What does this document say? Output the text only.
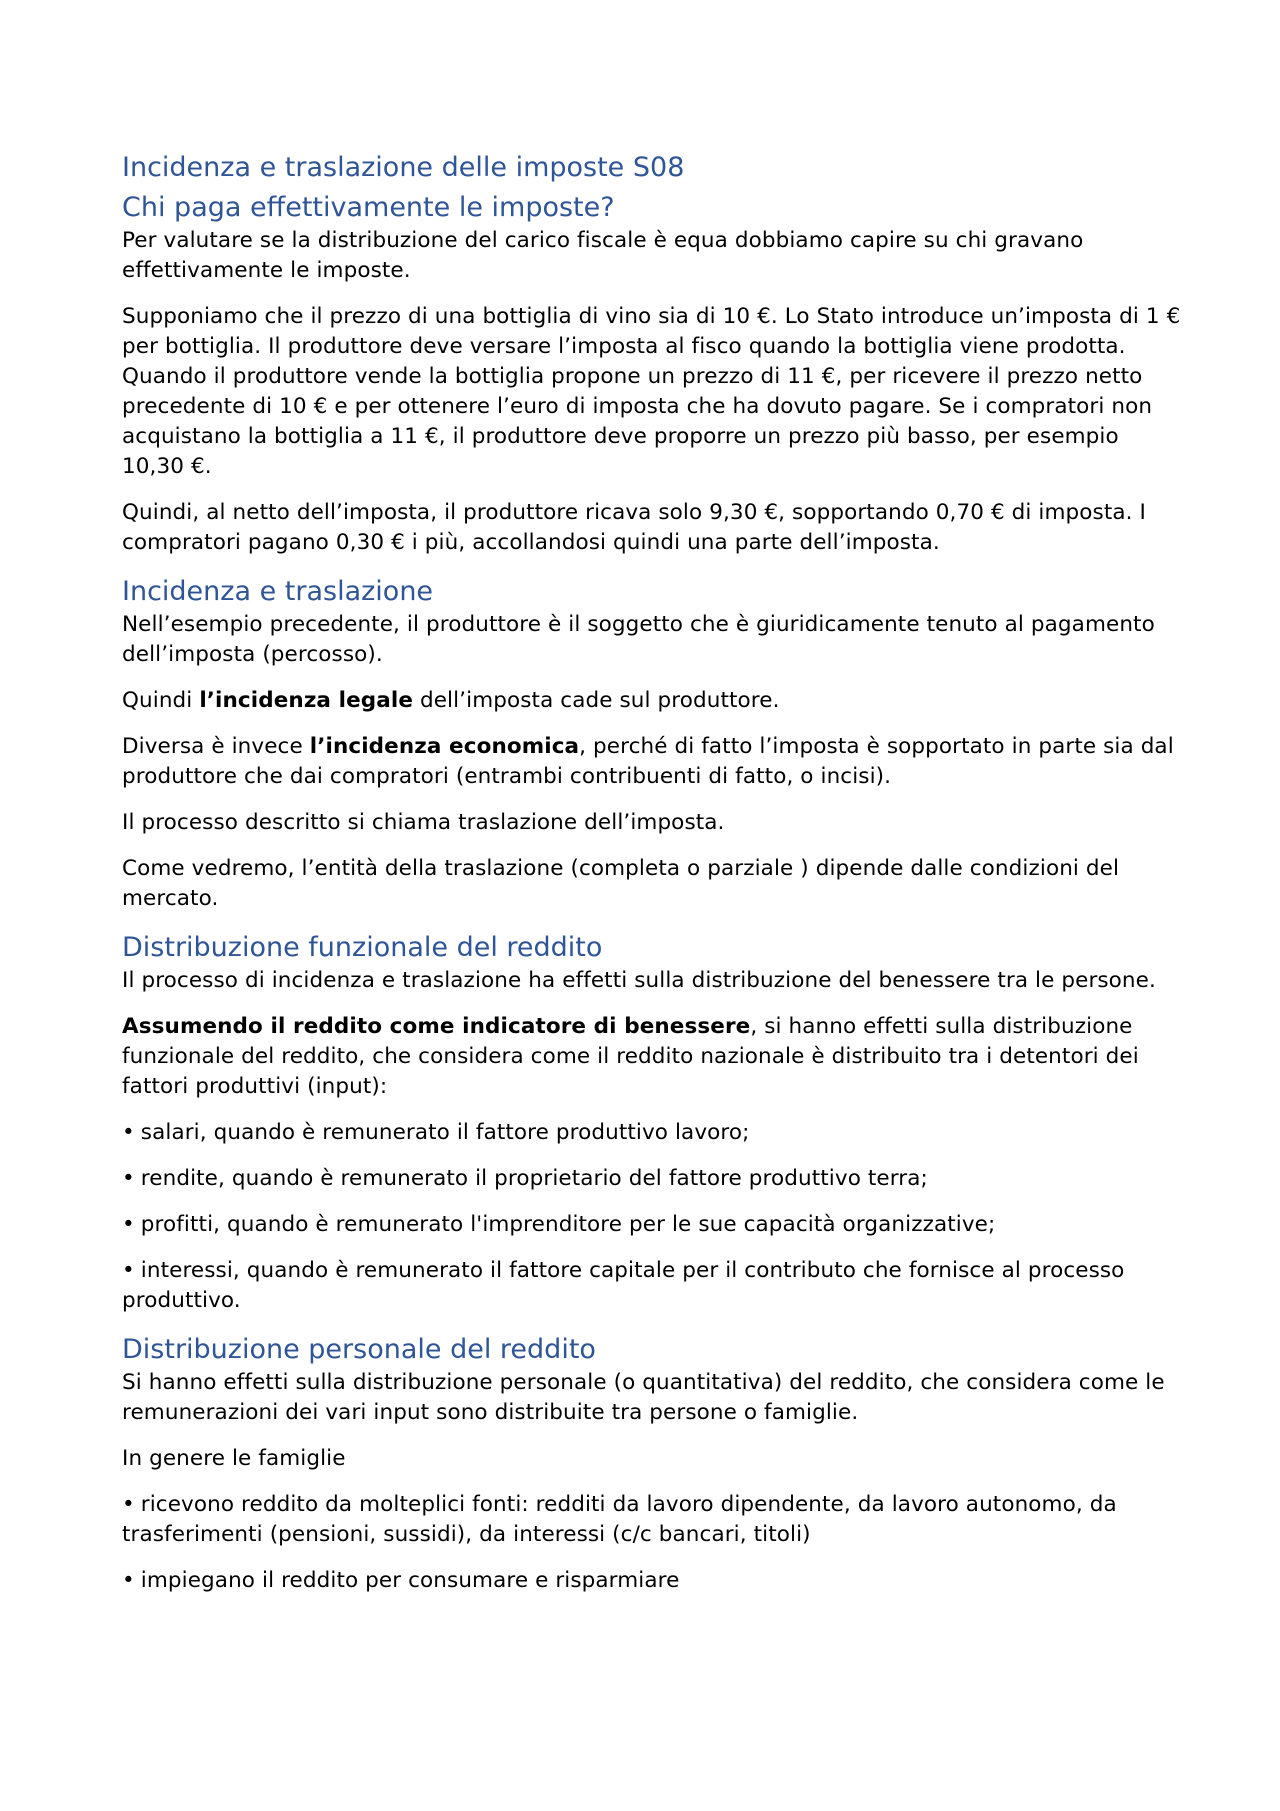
Incidenza e traslazione delle imposte S08
Chi paga effettivamente le imposte?

Per valutare se la distribuzione del carico fiscale è equa dobbiamo capire su chi gravano effettivamente le imposte.

Supponiamo che il prezzo di una bottiglia di vino sia di 10 €. Lo Stato introduce un’imposta di 1 € per bottiglia. Il produttore deve versare l’imposta al fisco quando la bottiglia viene prodotta. Quando il produttore vende la bottiglia propone un prezzo di 11 €, per ricevere il prezzo netto precedente di 10 € e per ottenere l’euro di imposta che ha dovuto pagare. Se i compratori non acquistano la bottiglia a 11 €, il produttore deve proporre un prezzo più basso, per esempio 10,30 €.

Quindi, al netto dell’imposta, il produttore ricava solo 9,30 €, sopportando 0,70 € di imposta. I compratori pagano 0,30 € i più, accollandosi quindi una parte dell’imposta.

Incidenza e traslazione

Nell’esempio precedente, il produttore è il soggetto che è giuridicamente tenuto al pagamento dell’imposta (percosso).

Quindi l’incidenza legale dell’imposta cade sul produttore.

Diversa è invece l’incidenza economica, perché di fatto l’imposta è sopportato in parte sia dal produttore che dai compratori (entrambi contribuenti di fatto, o incisi).

Il processo descritto si chiama traslazione dell’imposta.

Come vedremo, l’entità della traslazione (completa o parziale ) dipende dalle condizioni del mercato.

Distribuzione funzionale del reddito

Il processo di incidenza e traslazione ha effetti sulla distribuzione del benessere tra le persone.

Assumendo il reddito come indicatore di benessere, si hanno effetti sulla distribuzione funzionale del reddito, che considera come il reddito nazionale è distribuito tra i detentori dei fattori produttivi (input):

• salari, quando è remunerato il fattore produttivo lavoro;

• rendite, quando è remunerato il proprietario del fattore produttivo terra;

• profitti, quando è remunerato l'imprenditore per le sue capacità organizzative;

• interessi, quando è remunerato il fattore capitale per il contributo che fornisce al processo produttivo.

Distribuzione personale del reddito

Si hanno effetti sulla distribuzione personale (o quantitativa) del reddito, che considera come le remunerazioni dei vari input sono distribuite tra persone o famiglie.

In genere le famiglie

• ricevono reddito da molteplici fonti: redditi da lavoro dipendente, da lavoro autonomo, da trasferimenti (pensioni, sussidi), da interessi (c/c bancari, titoli)

• impiegano il reddito per consumare e risparmiare
